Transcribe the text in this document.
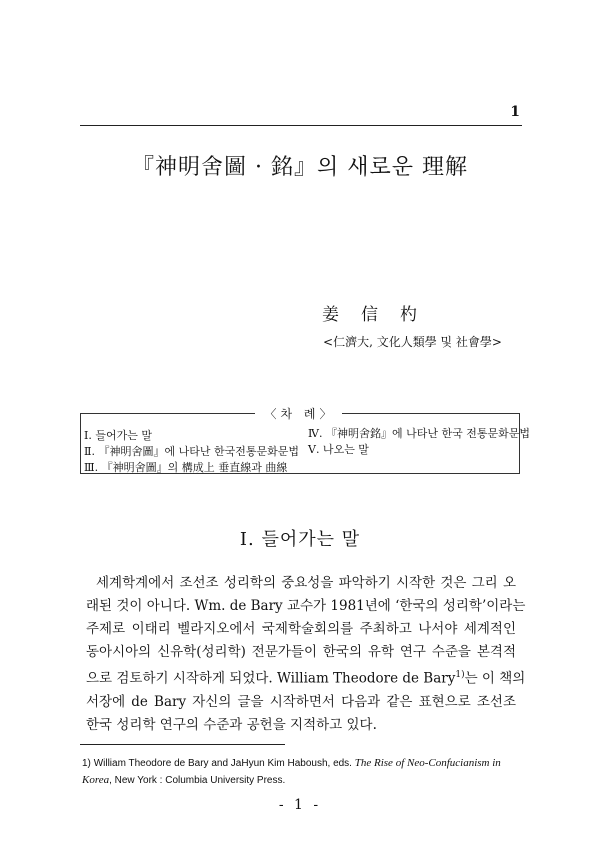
1
『神明舍圖 · 銘』의 새로운 理解
姜信杓
<仁濟大, 文化人類學 및 社會學>
〈차 례〉
Ⅰ. 들어가는 말
Ⅱ. 『神明舍圖』에 나타난 한국전통문화문법
Ⅲ. 『神明舍圖』의 構成上 垂直線과 曲線
Ⅳ. 『神明舍銘』에 나타난 한국 전통문화문법
Ⅴ. 나오는 말
Ⅰ. 들어가는 말
세계학계에서 조선조 성리학의 중요성을 파악하기 시작한 것은 그리 오
래된 것이 아니다. Wm. de Bary 교수가 1981년에 ‘한국의 성리학’이라는
주제로 이태리 벨라지오에서 국제학술회의를 주최하고 나서야 세계적인
동아시아의 신유학(성리학) 전문가들이 한국의 유학 연구 수준을 본격적
으로 검토하기 시작하게 되었다. William Theodore de Bary$^{1)}$는 이 책의
서장에 de Bary 자신의 글을 시작하면서 다음과 같은 표현으로 조선조
한국 성리학 연구의 수준과 공헌을 지적하고 있다.
1) William Theodore de Bary and JaHyun Kim Haboush, eds. The Rise of Neo-Confucianism in Korea, New York : Columbia University Press.
- 1 -
